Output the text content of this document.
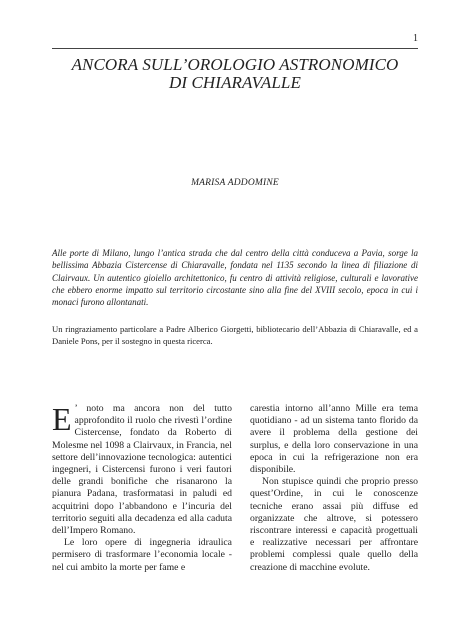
1
ANCORA SULL’OROLOGIO ASTRONOMICO
DI CHIARAVALLE
MARISA ADDOMINE
Alle porte di Milano, lungo l’antica strada che dal centro della città conduceva a Pavia, sorge la bellissima Abbazia Cistercense di Chiaravalle, fondata nel 1135 secondo la linea di filiazione di Clairvaux. Un autentico gioiello architettonico, fu centro di attività religiose, culturali e lavorative che ebbero enorme impatto sul territorio circostante sino alla fine del XVIII secolo, epoca in cui i monaci furono allontanati.
Un ringraziamento particolare a Padre Alberico Giorgetti, bibliotecario dell’Abbazia di Chiaravalle, ed a Daniele Pons, per il sostegno in questa ricerca.

E ’ noto ma ancora non del tutto approfondito il ruolo che rivestì l’ordine Cistercense, fondato da Roberto di Molesme nel 1098 a Clairvaux, in Francia, nel settore dell’innovazione tecnologica: autentici ingegneri, i Cistercensi furono i veri fautori delle grandi bonifiche che risanarono la pianura Padana, trasformatasi in paludi ed acquitrini dopo l’abbandono e l’incuria del territorio seguiti alla decadenza ed alla caduta dell’Impero Romano.

Le loro opere di ingegneria idraulica permisero di trasformare l’economia locale - nel cui ambito la morte per fame e

carestia intorno all’anno Mille era tema quotidiano - ad un sistema tanto florido da avere il problema della gestione dei surplus, e della loro conservazione in una epoca in cui la refrigerazione non era disponibile.

Non stupisce quindi che proprio presso quest’Ordine, in cui le conoscenze tecniche erano assai più diffuse ed organizzate che altrove, si potessero riscontrare interessi e capacità progettuali e realizzative necessari per affrontare problemi complessi quale quello della creazione di macchine evolute.
